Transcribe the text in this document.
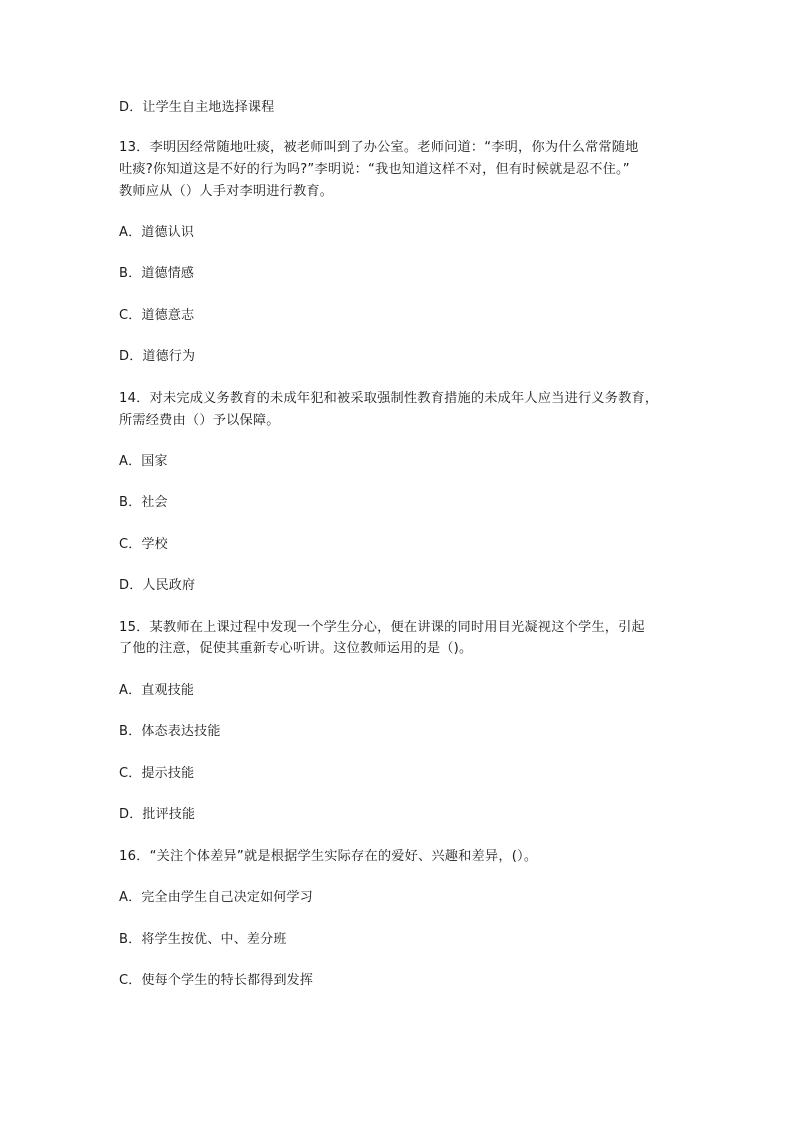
D．让学生自主地选择课程
13．李明因经常随地吐痰，被老师叫到了办公室。老师问道：“李明，你为什么常常随地
吐痰?你知道这是不好的行为吗?”李明说：“我也知道这样不对，但有时候就是忍不住。”
教师应从（）人手对李明进行教育。
A．道德认识
B．道德情感
C．道德意志
D．道德行为
14．对未完成义务教育的未成年犯和被采取强制性教育措施的未成年人应当进行义务教育，
所需经费由（）予以保障。
A．国家
B．社会
C．学校
D．人民政府
15．某教师在上课过程中发现一个学生分心，便在讲课的同时用目光凝视这个学生，引起
了他的注意，促使其重新专心听讲。这位教师运用的是（)。
A．直观技能
B．体态表达技能
C．提示技能
D．批评技能
16．“关注个体差异”就是根据学生实际存在的爱好、兴趣和差异，(）。
A．完全由学生自己决定如何学习
B．将学生按优、中、差分班
C．使每个学生的特长都得到发挥
